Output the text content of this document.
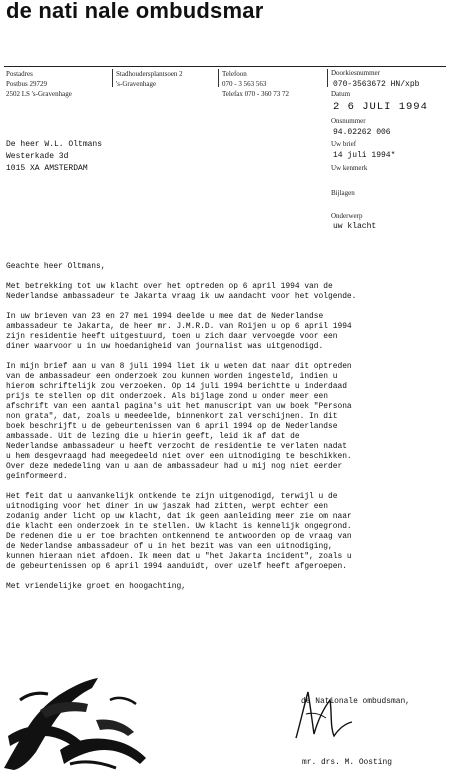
de nati nale ombudsmar
Postadres
Postbus 29729
2502 LS 's-Gravenhage
Stadhoudersplantsoen 2
's-Gravenhage
Telefoon
070 - 3 563 563
Telefax 070 - 360 73 72
Doorkiesnummer
070-3563672 HN/xpb
Datum
2 6 JULI 1994
Onsnummer
94.02262 006
Uw brief
14 juli 1994*
Uw kenmerk
Bijlagen
Onderwerp
uw klacht
De heer W.L. Oltmans
Westerkade 3d
1015 XA AMSTERDAM
Geachte heer Oltmans,
Met betrekking tot uw klacht over het optreden op 6 april 1994 van de
Nederlandse ambassadeur te Jakarta vraag ik uw aandacht voor het volgende.
In uw brieven van 23 en 27 mei 1994 deelde u mee dat de Nederlandse
ambassadeur te Jakarta, de heer mr. J.M.R.D. van Roijen u op 6 april 1994
zijn residentie heeft uitgestuurd, toen u zich daar vervoegde voor een
diner waarvoor u in uw hoedanigheid van journalist was uitgenodigd.
In mijn brief aan u van 8 juli 1994 liet ik u weten dat naar dit optreden
van de ambassadeur een onderzoek zou kunnen worden ingesteld, indien u
hierom schriftelijk zou verzoeken. Op 14 juli 1994 berichtte u inderdaad
prijs te stellen op dit onderzoek. Als bijlage zond u onder meer een
afschrift van een aantal pagina's uit het manuscript van uw boek "Persona
non grata", dat, zoals u meedeelde, binnenkort zal verschijnen. In dit
boek beschrijft u de gebeurtenissen van 6 april 1994 op de Nederlandse
ambassade. Uit de lezing die u hierin geeft, leid ik af dat de
Nederlandse ambassadeur u heeft verzocht de residentie te verlaten nadat
u hem desgevraagd had meegedeeld niet over een uitnodiging te beschikken.
Over deze mededeling van u aan de ambassadeur had u mij nog niet eerder
geïnformeerd.
Het feit dat u aanvankelijk ontkende te zijn uitgenodigd, terwijl u de
uitnodiging voor het diner in uw jaszak had zitten, werpt echter een
zodanig ander licht op uw klacht, dat ik geen aanleiding meer zie om naar
die klacht een onderzoek in te stellen. Uw klacht is kennelijk ongegrond.
De redenen die u er toe brachten ontkennend te antwoorden op de vraag van
de Nederlandse ambassadeur of u in het bezit was van een uitnodiging,
kunnen hieraan niet afdoen. Ik meen dat u "het Jakarta incident", zoals u
de gebeurtenissen op 6 april 1994 aanduidt, over uzelf heeft afgeroepen.
Met vriendelijke groet en hoogachting,
de Nationale ombudsman,
mr. drs. M. Oosting
